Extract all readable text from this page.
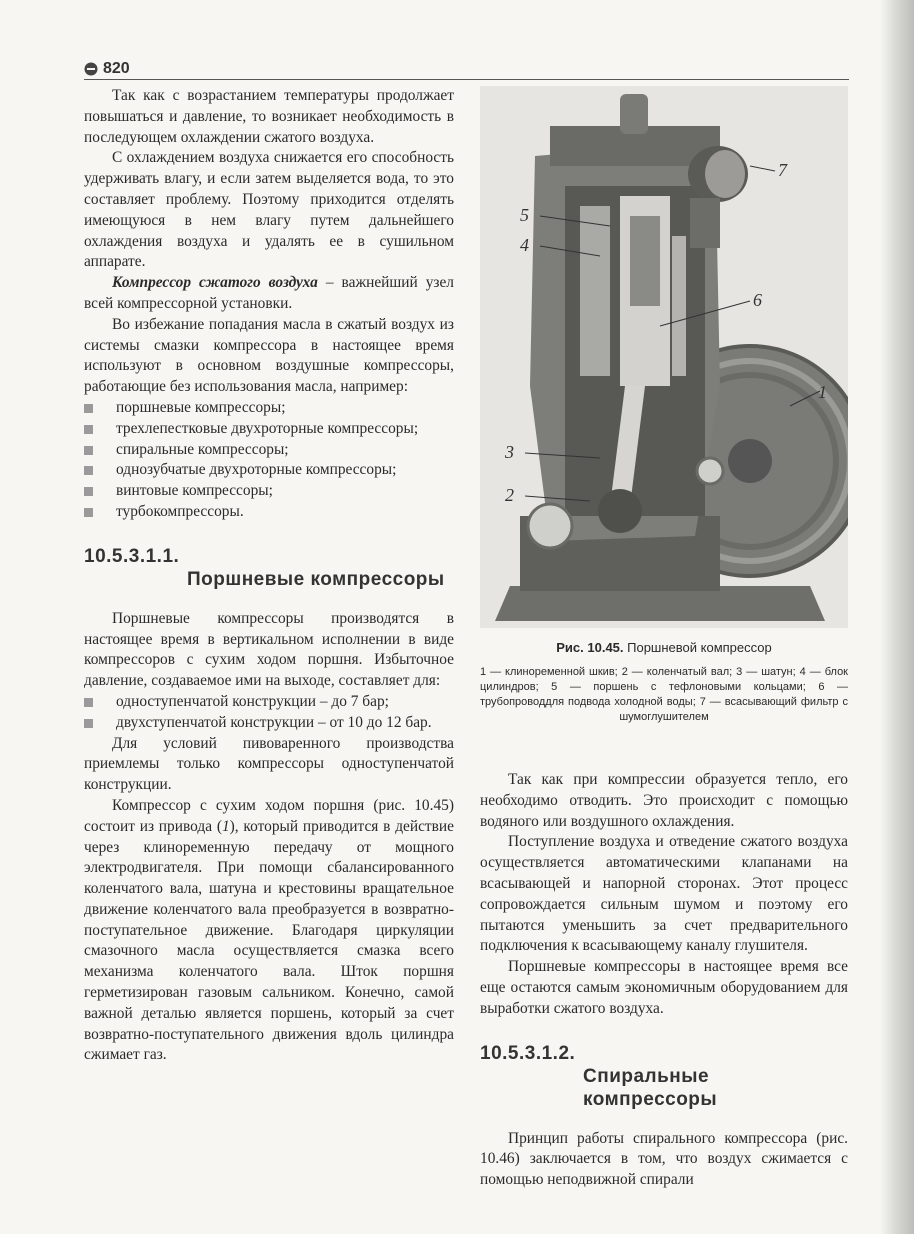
820

Так как с возрастанием температуры продолжает повышаться и давление, то возникает необходимость в последующем охлаждении сжатого воздуха.

С охлаждением воздуха снижается его способность удерживать влагу, и если затем выделяется вода, то это составляет проблему. Поэтому приходится отделять имеющуюся в нем влагу путем дальнейшего охлаждения воздуха и удалять ее в сушильном аппарате.

Компрессор сжатого воздуха – важнейший узел всей компрессорной установки.

Во избежание попадания масла в сжатый воздух из системы смазки компрессора в настоящее время используют в основном воздушные компрессоры, работающие без использования масла, например:

поршневые компрессоры;
трехлепестковые двухроторные компрессоры;
спиральные компрессоры;
однозубчатые двухроторные компрессоры;
винтовые компрессоры;
турбокомпрессоры.
10.5.3.1.1.
Поршневые компрессоры

Поршневые компрессоры производятся в настоящее время в вертикальном исполнении в виде компрессоров с сухим ходом поршня. Избыточное давление, создаваемое ими на выходе, составляет для:

одноступенчатой конструкции – до 7 бар;
двухступенчатой конструкции – от 10 до 12 бар.

Для условий пивоваренного производства приемлемы только компрессоры одноступенчатой конструкции.

Компрессор с сухим ходом поршня (рис. 10.45) состоит из привода (1), который приводится в действие через клиноременную передачу от мощного электродвигателя. При помощи сбалансированного коленчатого вала, шатуна и крестовины вращательное движение коленчатого вала преобразуется в возвратно-поступательное движение. Благодаря циркуляции смазочного масла осуществляется смазка всего механизма коленчатого вала. Шток поршня герметизирован газовым сальником. Конечно, самой важной деталью является поршень, который за счет возвратно-поступательного движения вдоль цилиндра сжимает газ.

7
5
4
6
1
3
2
Рис. 10.45. Поршневой компрессор
1 — клиноременной шкив; 2 — коленчатый вал; 3 — шатун; 4 — блок цилиндров; 5 — поршень с тефлоновыми кольцами; 6 — трубопроводдля подвода холодной воды; 7 — всасывающий фильтр с шумоглушителем

Так как при компрессии образуется тепло, его необходимо отводить. Это происходит с помощью водяного или воздушного охлаждения.

Поступление воздуха и отведение сжатого воздуха осуществляется автоматическими клапанами на всасывающей и напорной сторонах. Этот процесс сопровождается сильным шумом и поэтому его пытаются уменьшить за счет предварительного подключения к всасывающему каналу глушителя.

Поршневые компрессоры в настоящее время все еще остаются самым экономичным оборудованием для выработки сжатого воздуха.

10.5.3.1.2.
Спиральные компрессоры

Принцип работы спирального компрессора (рис. 10.46) заключается в том, что воздух сжимается с помощью неподвижной спирали
